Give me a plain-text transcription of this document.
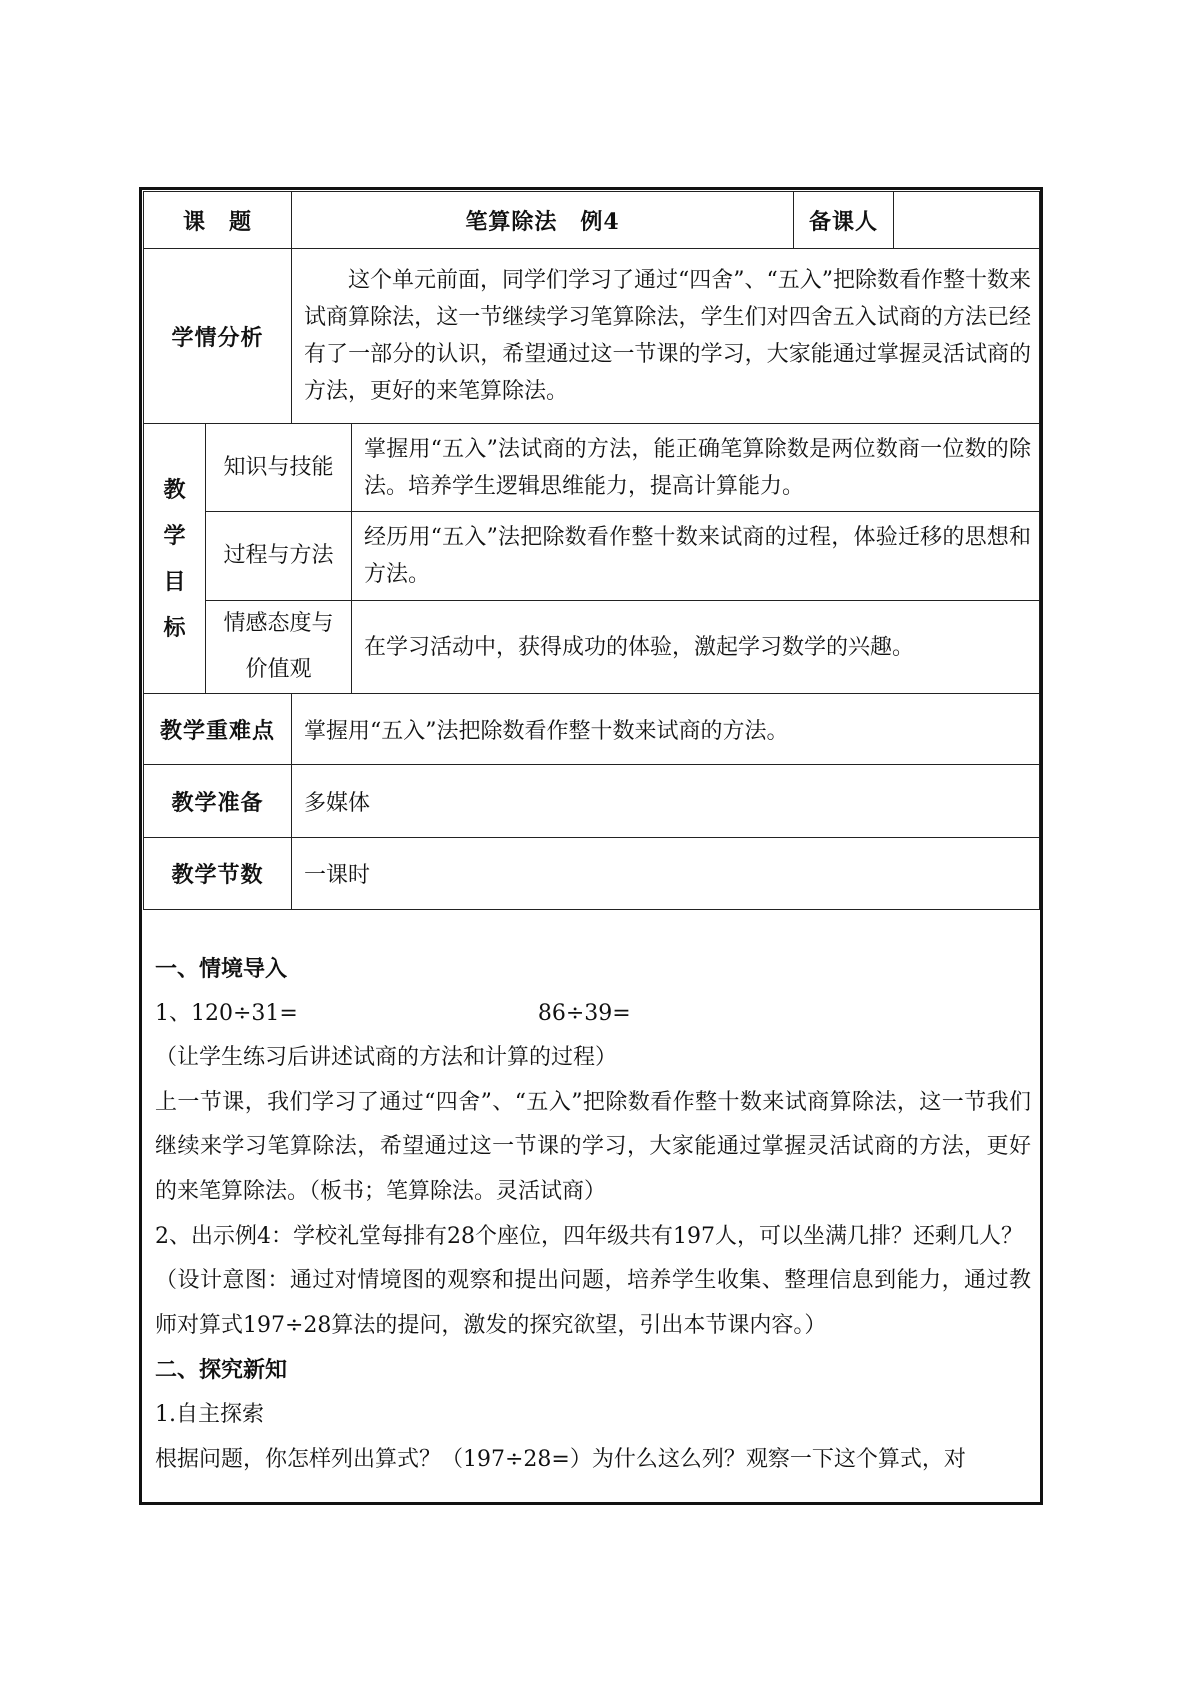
课　题		笔算除法　例4		备课人	
学情分析		这个单元前面，同学们学习了通过“四舍”、“五入”把除数看作整十数来试商算除法，这一节继续学习笔算除法，学生们对四舍五入试商的方法已经有了一部分的认识，希望通过这一节课的学习，大家能通过掌握灵活试商的方法，更好的来笔算除法。			

教
学
目
标	知识与技能		掌握用“五入”法试商的方法，能正确笔算除数是两位数商一位数的除法。培养学生逻辑思维能力，提高计算能力。		
	过程与方法		经历用“五入”法把除数看作整十数来试商的过程，体验迁移的思想和方法。		

	情感态度与
价值观		在学习活动中，获得成功的体验，激起学习数学的兴趣。		
教学重难点		掌握用“五入”法把除数看作整十数来试商的方法。			
教学准备		多媒体			
教学节数		一课时			

一、情境导入

1、120÷31=	86÷39=

（让学生练习后讲述试商的方法和计算的过程）

上一节课，我们学习了通过“四舍”、“五入”把除数看作整十数来试商算除法，这一节我们继续来学习笔算除法，希望通过这一节课的学习，大家能通过掌握灵活试商的方法，更好的来笔算除法。（板书；笔算除法。灵活试商）

2、出示例4：学校礼堂每排有28个座位，四年级共有197人，可以坐满几排？还剩几人？

（设计意图：通过对情境图的观察和提出问题，培养学生收集、整理信息到能力，通过教师对算式197÷28算法的提问，激发的探究欲望，引出本节课内容。）

二、探究新知

1.自主探索

根据问题，你怎样列出算式？（197÷28=）为什么这么列？观察一下这个算式，对
